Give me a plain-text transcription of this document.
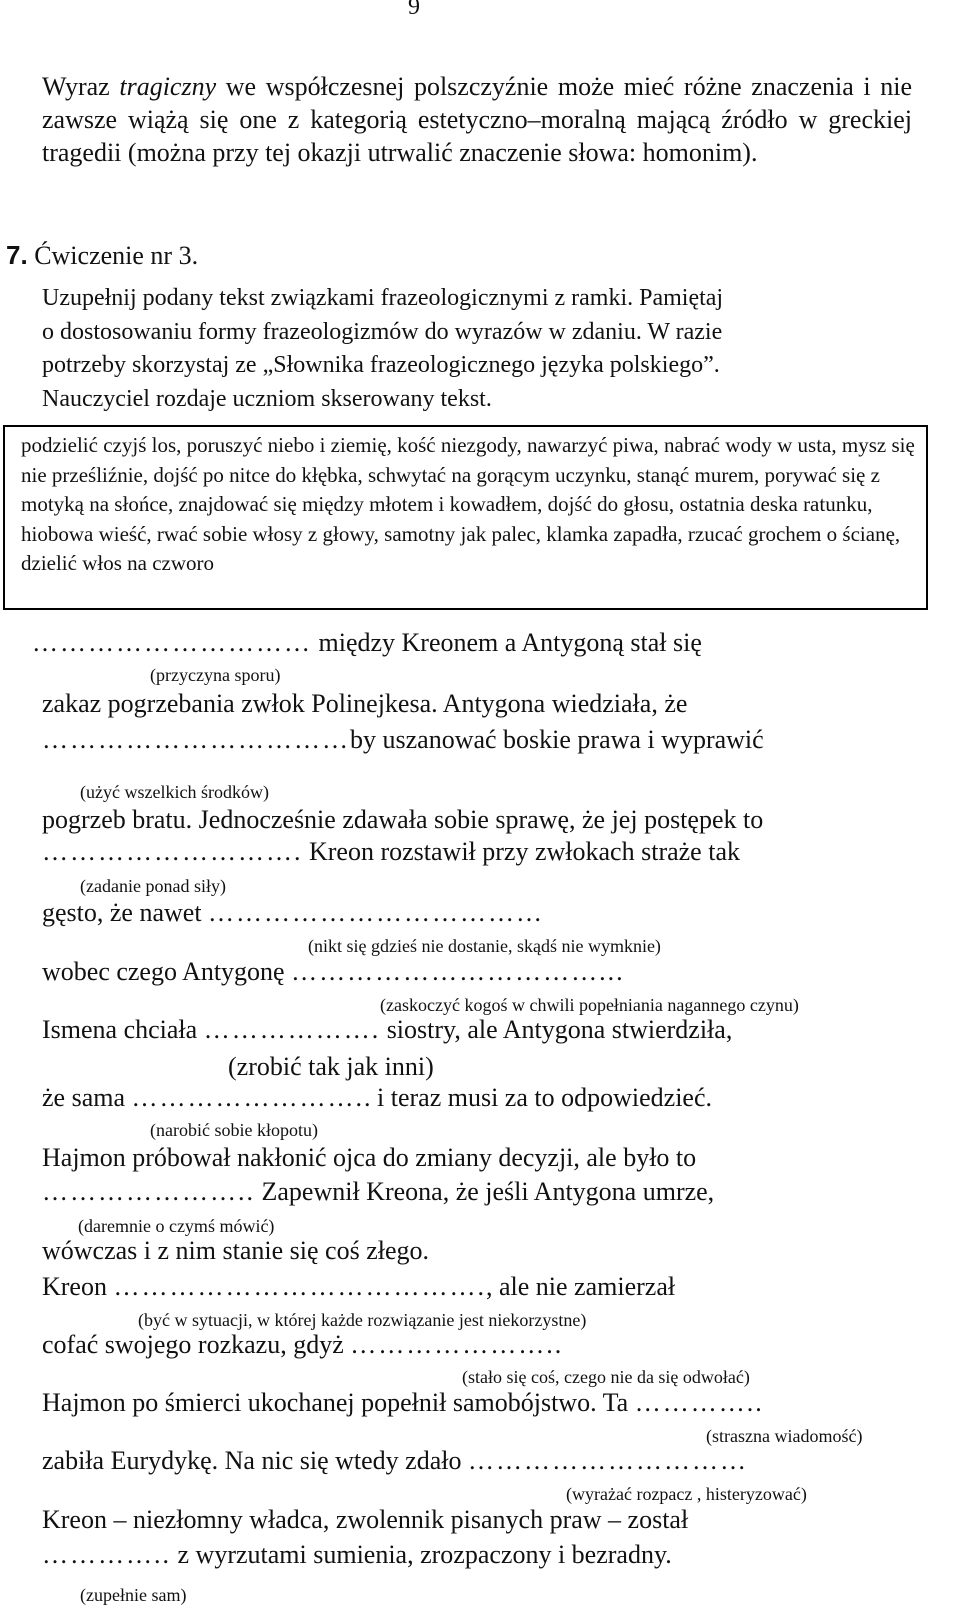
9
Wyraz tragiczny we współczesnej polszczyźnie może mieć różne znaczenia i nie zawsze wiążą się one z kategorią estetyczno–moralną mającą źródło w greckiej tragedii (można przy tej okazji utrwalić znaczenie słowa: homonim).
7. Ćwiczenie nr 3.
Uzupełnij podany tekst związkami frazeologicznymi z ramki. Pamiętaj
o dostosowaniu formy frazeologizmów do wyrazów w zdaniu. W razie
potrzeby skorzystaj ze „Słownika frazeologicznego języka polskiego”.
Nauczyciel rozdaje uczniom skserowany tekst.
podzielić czyjś los, poruszyć niebo i ziemię, kość niezgody, nawarzyć piwa, nabrać wody w usta, mysz się nie prześliźnie, dojść po nitce do kłębka, schwytać na gorącym uczynku, stanąć murem, porywać się z motyką na słońce, znajdować się między młotem i kowadłem, dojść do głosu, ostatnia deska ratunku, hiobowa wieść, rwać sobie włosy z głowy, samotny jak palec, klamka zapadła, rzucać grochem o ścianę, dzielić włos na czworo
………………………… między Kreonem a Antygoną stał się
(przyczyna sporu)
zakaz pogrzebania zwłok Polinejkesa. Antygona wiedziała, że
……………………………by uszanować boskie prawa i wyprawić
(użyć wszelkich środków)
pogrzeb bratu. Jednocześnie zdawała sobie sprawę, że jej postępek to
………………………. Kreon rozstawił przy zwłokach straże tak
(zadanie ponad siły)
gęsto, że nawet ………………………………
(nikt się gdzieś nie dostanie, skądś nie wymknie)
wobec czego Antygonę ……………………………...
(zaskoczyć kogoś w chwili popełniania nagannego czynu)
Ismena chciała ………………. siostry, ale Antygona stwierdziła,
(zrobić tak jak inni)
że sama …………………….. i teraz musi za to odpowiedzieć.
(narobić sobie kłopotu)
Hajmon próbował nakłonić ojca do zmiany decyzji, ale było to
………………….. Zapewnił Kreona, że jeśli Antygona umrze,
(daremnie o czymś mówić)
wówczas i z nim stanie się coś złego.
Kreon …………………………………., ale nie zamierzał
(być w sytuacji, w której każde rozwiązanie jest niekorzystne)
cofać swojego rozkazu, gdyż …………………..
(stało się coś, czego nie da się odwołać)
Hajmon po śmierci ukochanej popełnił samobójstwo. Ta …………..
(straszna wiadomość)
zabiła Eurydykę. Na nic się wtedy zdało …………………………
(wyrażać rozpacz , histeryzować)
Kreon – niezłomny władca, zwolennik pisanych praw – został
………….. z wyrzutami sumienia, zrozpaczony i bezradny.
(zupełnie sam)
